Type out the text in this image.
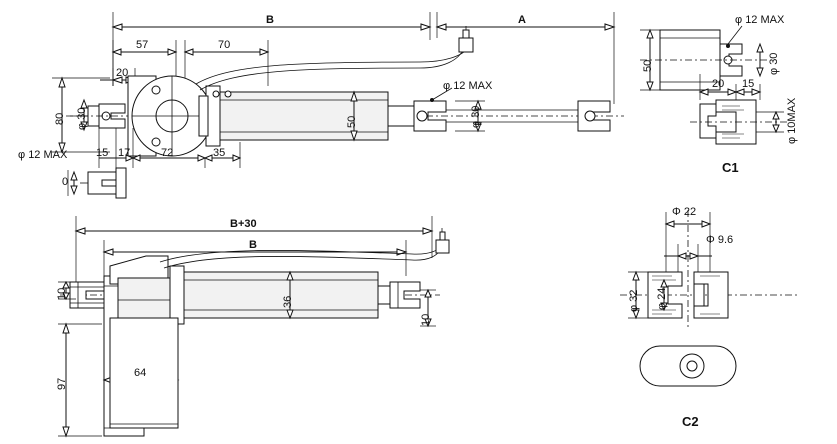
B	A
57	70
20
80 φ 30
φ 12 MAX	15 17	72	35
0
50
φ 12 MAX
φ 30
B+30
B
10
36
10
97
64
φ 12 MAX
50	φ 30
20 15
φ 10MAX
C1
Φ 22
Φ 9.6
φ 32 φ 24
C2
